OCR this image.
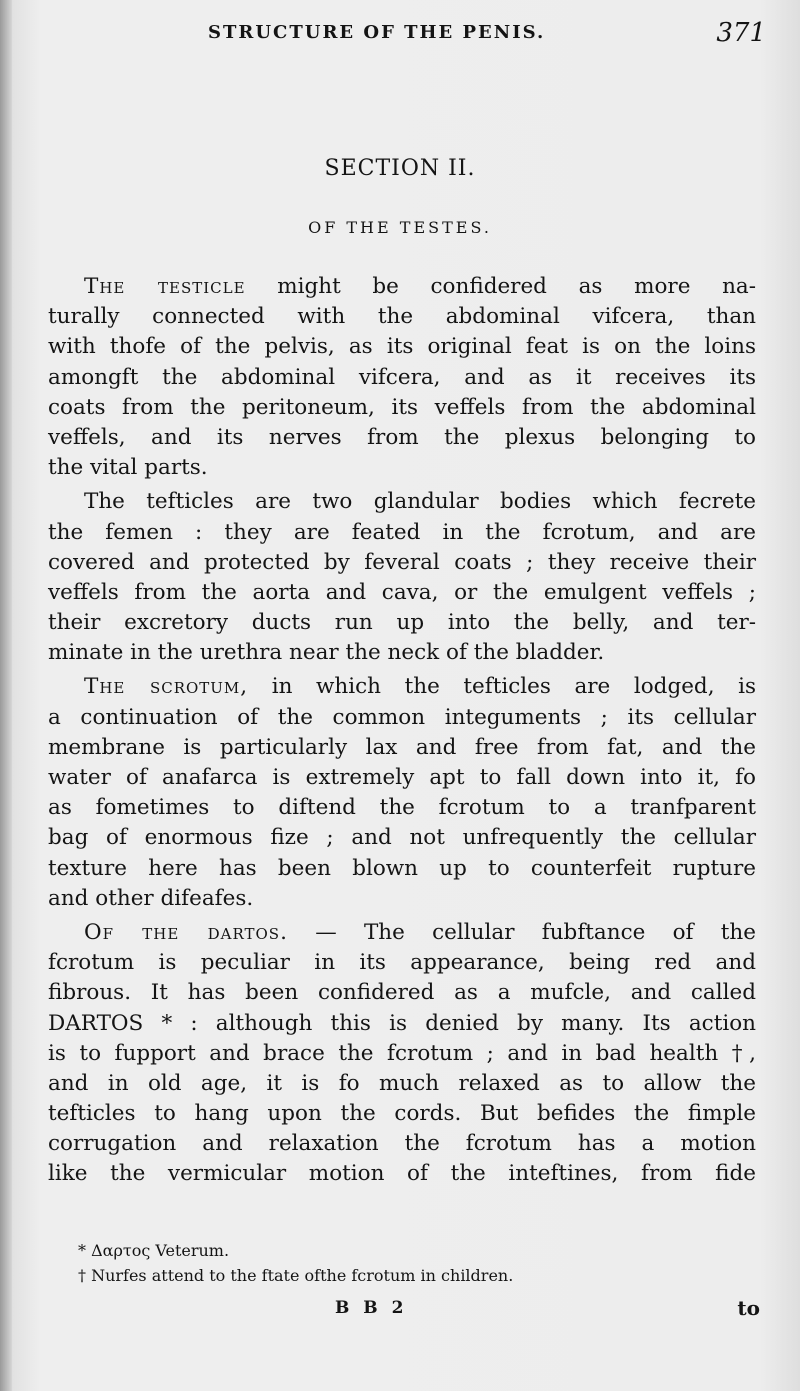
STRUCTURE OF THE PENIS.	371
SECTION II.
OF THE TESTES.
The testicle might be confidered as more na-
turally connected with the abdominal vifcera, than
with thofe of the pelvis, as its original feat is on the loins
amongft the abdominal vifcera, and as it receives its
coats from the peritoneum, its veffels from the abdominal
veffels, and its nerves from the plexus belonging to
the vital parts.
The tefticles are two glandular bodies which fecrete
the femen : they are feated in the fcrotum, and are
covered and protected by feveral coats ; they receive their
veffels from the aorta and cava, or the emulgent veffels ;
their excretory ducts run up into the belly, and ter-
minate in the urethra near the neck of the bladder.
The scrotum, in which the tefticles are lodged, is
a continuation of the common integuments ; its cellular
membrane is particularly lax and free from fat, and the
water of anafarca is extremely apt to fall down into it, fo
as fometimes to diftend the fcrotum to a tranfparent
bag of enormous fize ; and not unfrequently the cellular
texture here has been blown up to counterfeit rupture
and other difeafes.
Of the dartos. — The cellular fubftance of the
fcrotum is peculiar in its appearance, being red and
fibrous. It has been confidered as a mufcle, and called
DARTOS * : although this is denied by many. Its action
is to fupport and brace the fcrotum ; and in bad health †,
and in old age, it is fo much relaxed as to allow the
tefticles to hang upon the cords. But befides the fimple
corrugation and relaxation the fcrotum has a motion
like the vermicular motion of the inteftines, from fide
* Δαρτος Veterum.
† Nurfes attend to the ftate ofthe fcrotum in children.
B B 2	to
